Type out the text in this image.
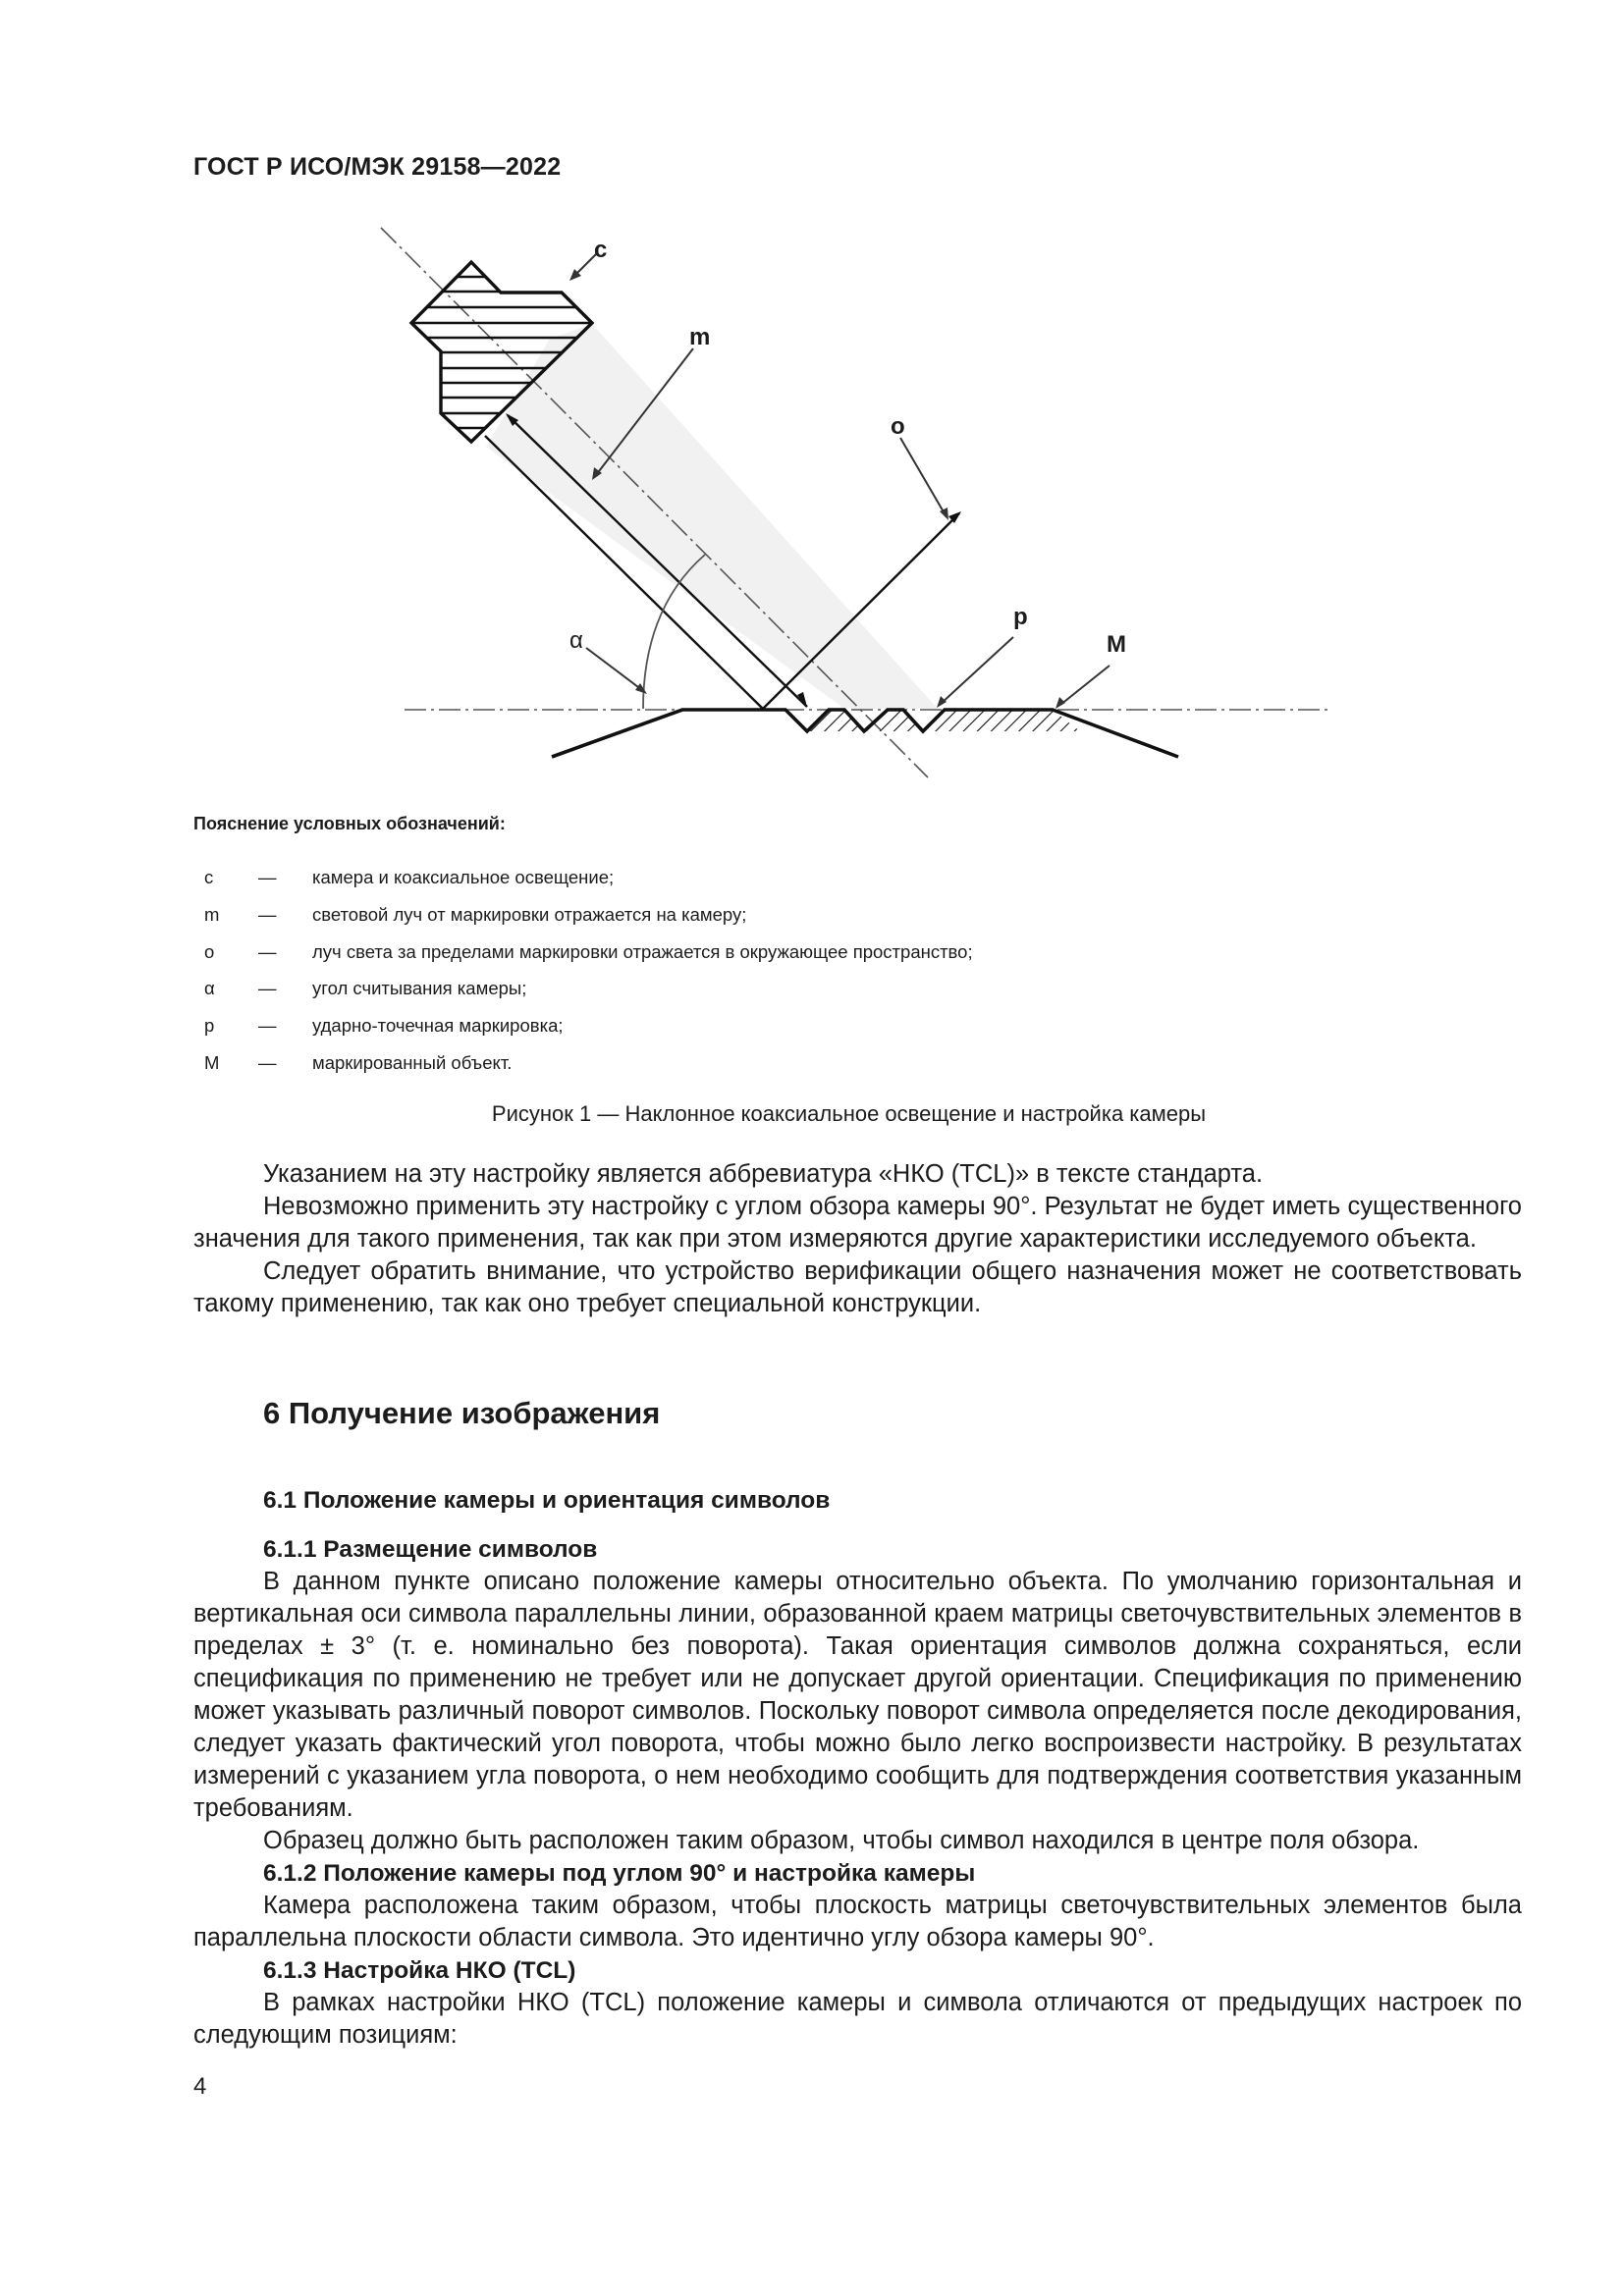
ГОСТ Р ИСО/МЭК 29158—2022
c
m
o
α
p
M
Пояснение условных обозначений:
c — камера и коаксиальное освещение;
m — световой луч от маркировки отражается на камеру;
o — луч света за пределами маркировки отражается в окружающее пространство;
α — угол считывания камеры;
p — ударно-точечная маркировка;
M — маркированный объект.
Рисунок 1 — Наклонное коаксиальное освещение и настройка камеры

Указанием на эту настройку является аббревиатура «НКО (TCL)» в тексте стандарта.

Невозможно применить эту настройку с углом обзора камеры 90°. Результат не будет иметь существенного значения для такого применения, так как при этом измеряются другие характеристики исследуемого объекта.

Следует обратить внимание, что устройство верификации общего назначения может не соответствовать такому применению, так как оно требует специальной конструкции.

6 Получение изображения
6.1 Положение камеры и ориентация символов
6.1.1 Размещение символов

В данном пункте описано положение камеры относительно объекта. По умолчанию горизонтальная и вертикальная оси символа параллельны линии, образованной краем матрицы светочувствительных элементов в пределах ± 3° (т. е. номинально без поворота). Такая ориентация символов должна сохраняться, если спецификация по применению не требует или не допускает другой ориентации. Спецификация по применению может указывать различный поворот символов. Поскольку поворот символа определяется после декодирования, следует указать фактический угол поворота, чтобы можно было легко воспроизвести настройку. В результатах измерений с указанием угла поворота, о нем необходимо сообщить для подтверждения соответствия указанным требованиям.

Образец должно быть расположен таким образом, чтобы символ находился в центре поля обзора.

6.1.2 Положение камеры под углом 90° и настройка камеры

Камера расположена таким образом, чтобы плоскость матрицы светочувствительных элементов была параллельна плоскости области символа. Это идентично углу обзора камеры 90°.

6.1.3 Настройка НКО (TCL)

В рамках настройки НКО (TCL) положение камеры и символа отличаются от предыдущих настроек по следующим позициям:

4
